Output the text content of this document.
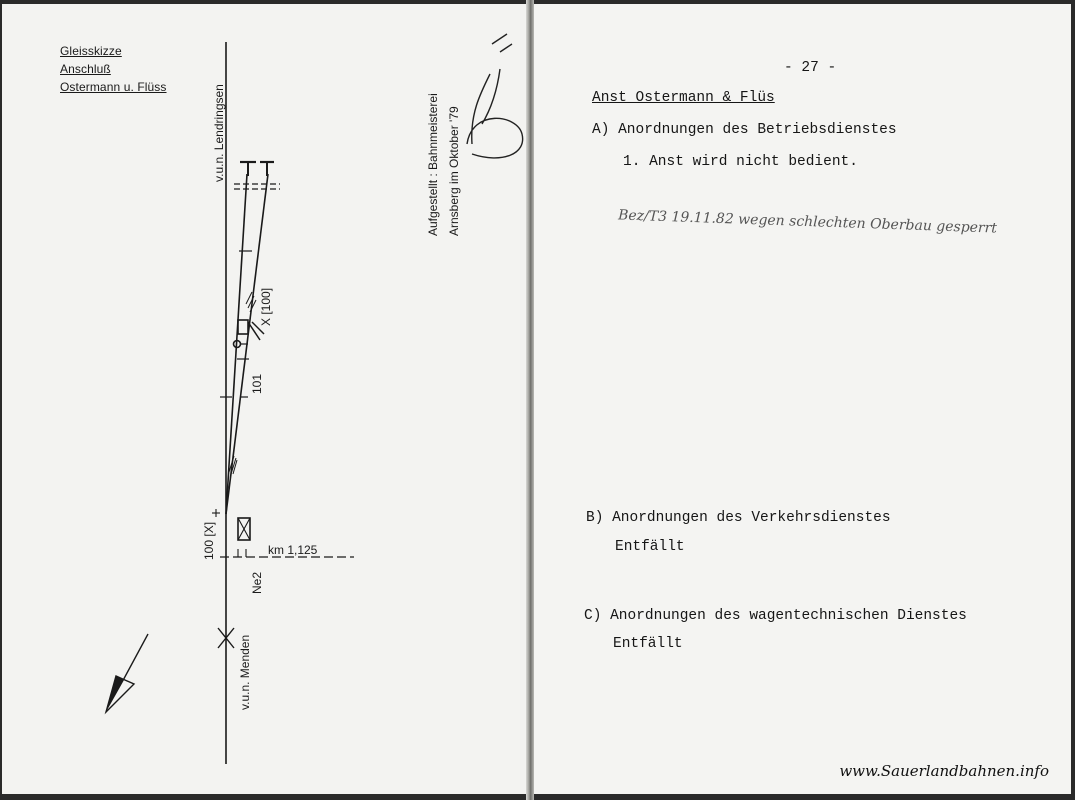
Gleisskizze
Anschluß
Ostermann u. Flüss	v.u.n. Lendringsen
X [100]
101
100 [X]
Ne2
v.u.n. Menden
km 1,125
Aufgestellt : Bahnmeisterei Arnsberg im Oktober '79
- 27 -
Anst Ostermann & Flüs
A) Anordnungen des Betriebsdienstes
1. Anst wird nicht bedient.
Bez/T3 19.11.82 wegen schlechten Oberbau gesperrt
B) Anordnungen des Verkehrsdienstes
Entfällt
C) Anordnungen des wagentechnischen Dienstes
Entfällt
www.Sauerlandbahnen.info
